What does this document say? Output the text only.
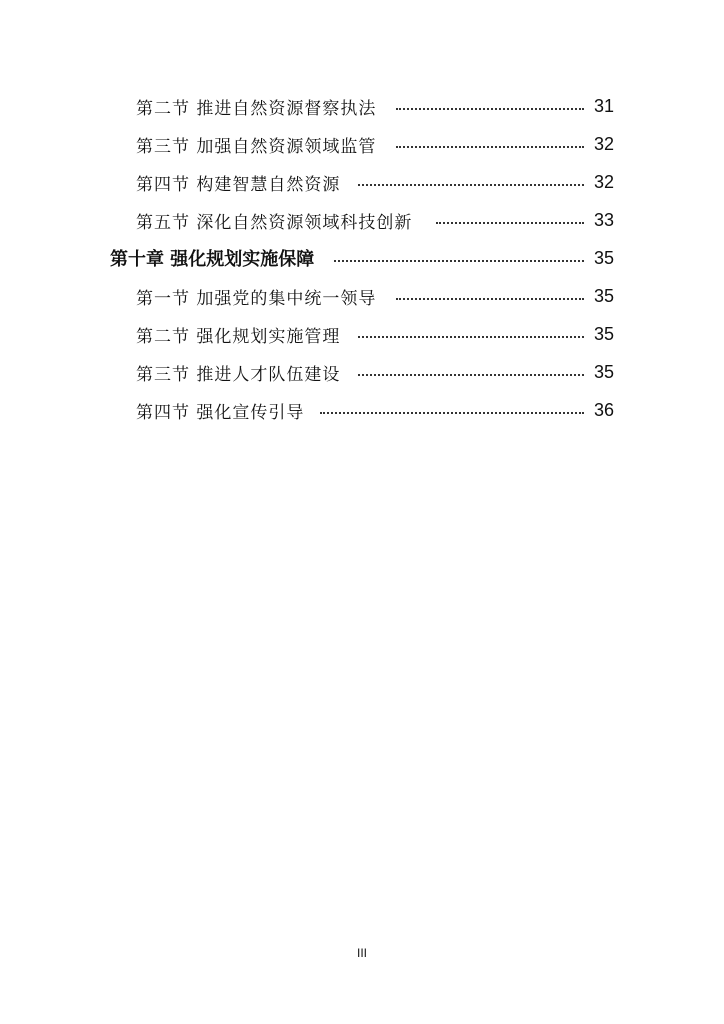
第二节 推进自然资源督察执法	31
第三节 加强自然资源领域监管	32
第四节 构建智慧自然资源	32
第五节 深化自然资源领域科技创新	33
第十章 强化规划实施保障	35
第一节 加强党的集中统一领导	35
第二节 强化规划实施管理	35
第三节 推进人才队伍建设	35
第四节 强化宣传引导	36
III
